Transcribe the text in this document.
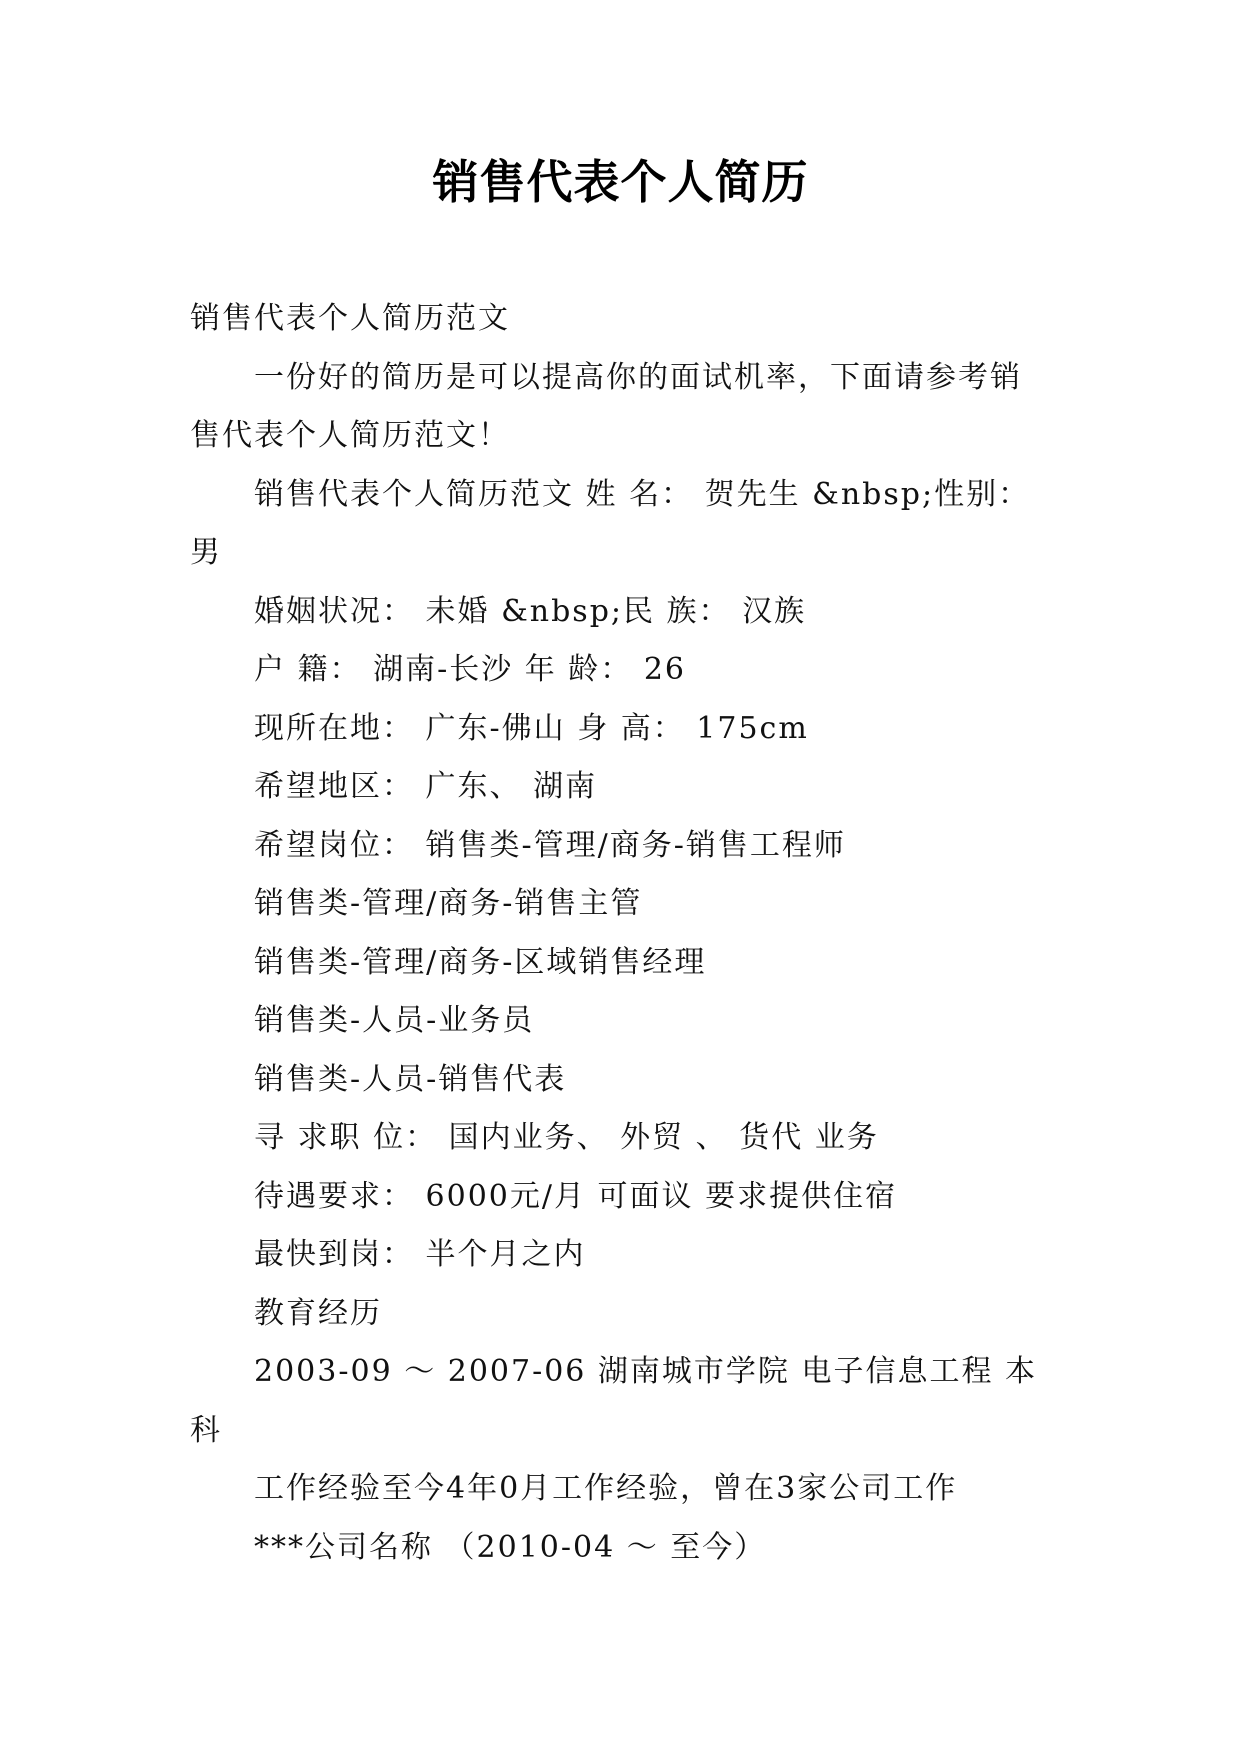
销售代表个人简历

销售代表个人简历范文

一份好的简历是可以提高你的面试机率，下面请参考销售代表个人简历范文！

销售代表个人简历范文 姓 名： 贺先生 &nbsp;性别： 男

婚姻状况： 未婚 &nbsp;民 族： 汉族

户 籍： 湖南-长沙 年 龄： 26

现所在地： 广东-佛山 身 高： 175cm

希望地区： 广东、 湖南

希望岗位： 销售类-管理/商务-销售工程师

销售类-管理/商务-销售主管

销售类-管理/商务-区域销售经理

销售类-人员-业务员

销售类-人员-销售代表

寻 求职 位： 国内业务、 外贸 、 货代 业务

待遇要求： 6000元/月 可面议 要求提供住宿

最快到岗： 半个月之内

教育经历

2003-09 ～ 2007-06 湖南城市学院 电子信息工程 本科

工作经验至今4年0月工作经验，曾在3家公司工作

***公司名称 （2010-04 ～ 至今）
